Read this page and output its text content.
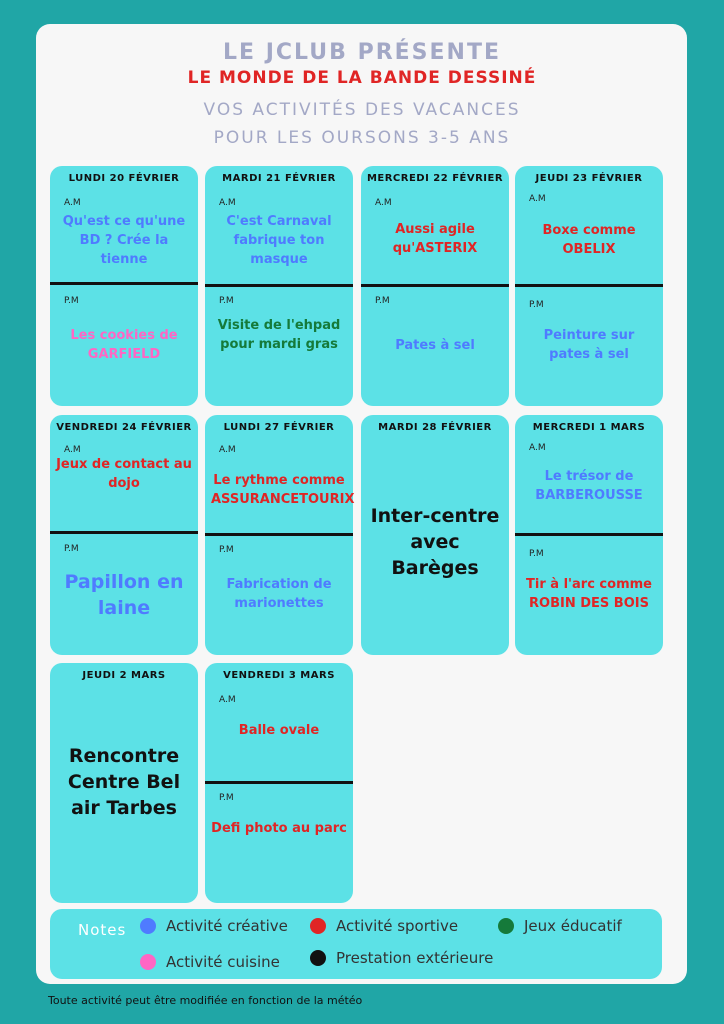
LE JCLUB PRÉSENTE
LE MONDE DE LA BANDE DESSINÉ
VOS ACTIVITÉS DES VACANCES
POUR LES OURSONS 3-5 ANS
LUNDI 20 FÉVRIER
A.M
Qu'est ce qu'une BD ? Crée la tienne
P.M
Les cookies de GARFIELD
MARDI 21 FÉVRIER
A.M
C'est Carnaval fabrique ton masque
P.M
Visite de l'ehpad pour mardi gras
MERCREDI 22 FÉVRIER
A.M
Aussi agile qu'ASTERIX
P.M
Pates à sel
JEUDI 23 FÉVRIER
A.M
Boxe comme OBELIX
P.M
Peinture sur pates à sel
VENDREDI 24 FÉVRIER
A.M
Jeux de contact au dojo
P.M
Papillon en laine
LUNDI 27 FÉVRIER
A.M
Le rythme comme ASSURANCETOURIX
P.M
Fabrication de marionettes
MARDI 28 FÉVRIER
Inter-centre avec Barèges
MERCREDI 1 MARS
A.M
Le trésor de BARBEROUSSE
P.M
Tir à l'arc comme ROBIN DES BOIS
JEUDI 2 MARS
Rencontre Centre Bel air Tarbes
VENDREDI 3 MARS
A.M
Balle ovale
P.M
Defi photo au parc
Notes	Activité créative	Activité sportive	Jeux éducatif
Activité cuisine	Prestation extérieure
Toute activité peut être modifiée en fonction de la météo
